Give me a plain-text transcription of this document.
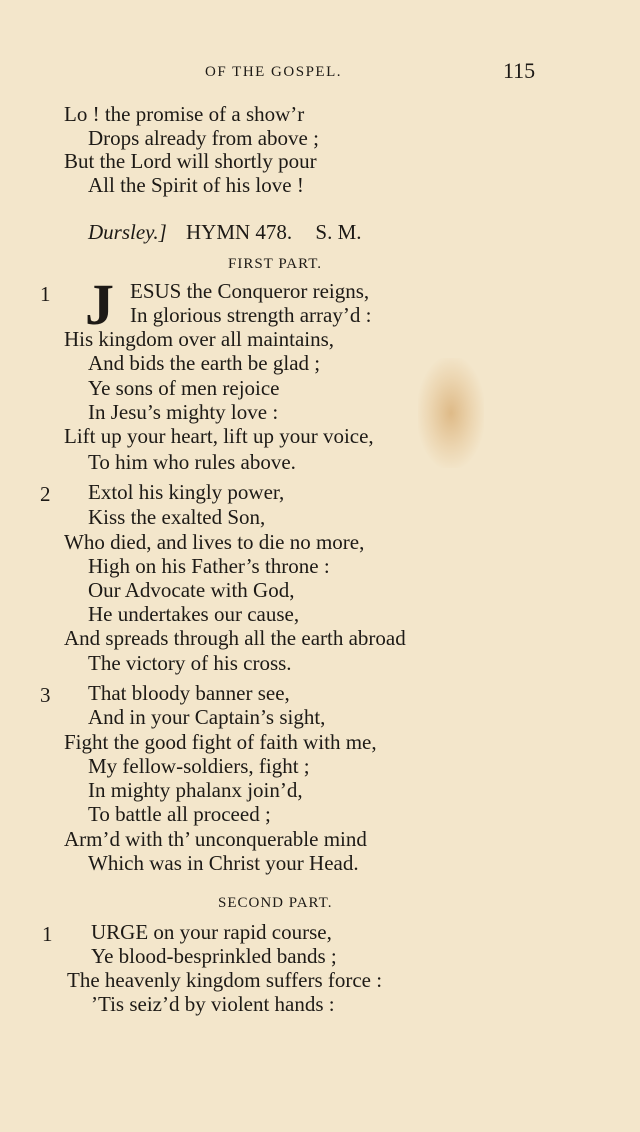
OF THE GOSPEL.	115
Lo ! the promise of a show’r
Drops already from above ;
But the Lord will shortly pour
All the Spirit of his love !
Dursley.] HYMN 478. S. M.
FIRST PART.
1 J ESUS the Conqueror reigns,
In glorious strength array’d :
His kingdom over all maintains,
And bids the earth be glad ;
Ye sons of men rejoice
In Jesu’s mighty love :
Lift up your heart, lift up your voice,
To him who rules above.
2 Extol his kingly power,
Kiss the exalted Son,
Who died, and lives to die no more,
High on his Father’s throne :
Our Advocate with God,
He undertakes our cause,
And spreads through all the earth abroad
The victory of his cross.
3 That bloody banner see,
And in your Captain’s sight,
Fight the good fight of faith with me,
My fellow-soldiers, fight ;
In mighty phalanx join’d,
To battle all proceed ;
Arm’d with th’ unconquerable mind
Which was in Christ your Head.
SECOND PART.
1 URGE on your rapid course,
Ye blood-besprinkled bands ;
The heavenly kingdom suffers force :
’Tis seiz’d by violent hands :
